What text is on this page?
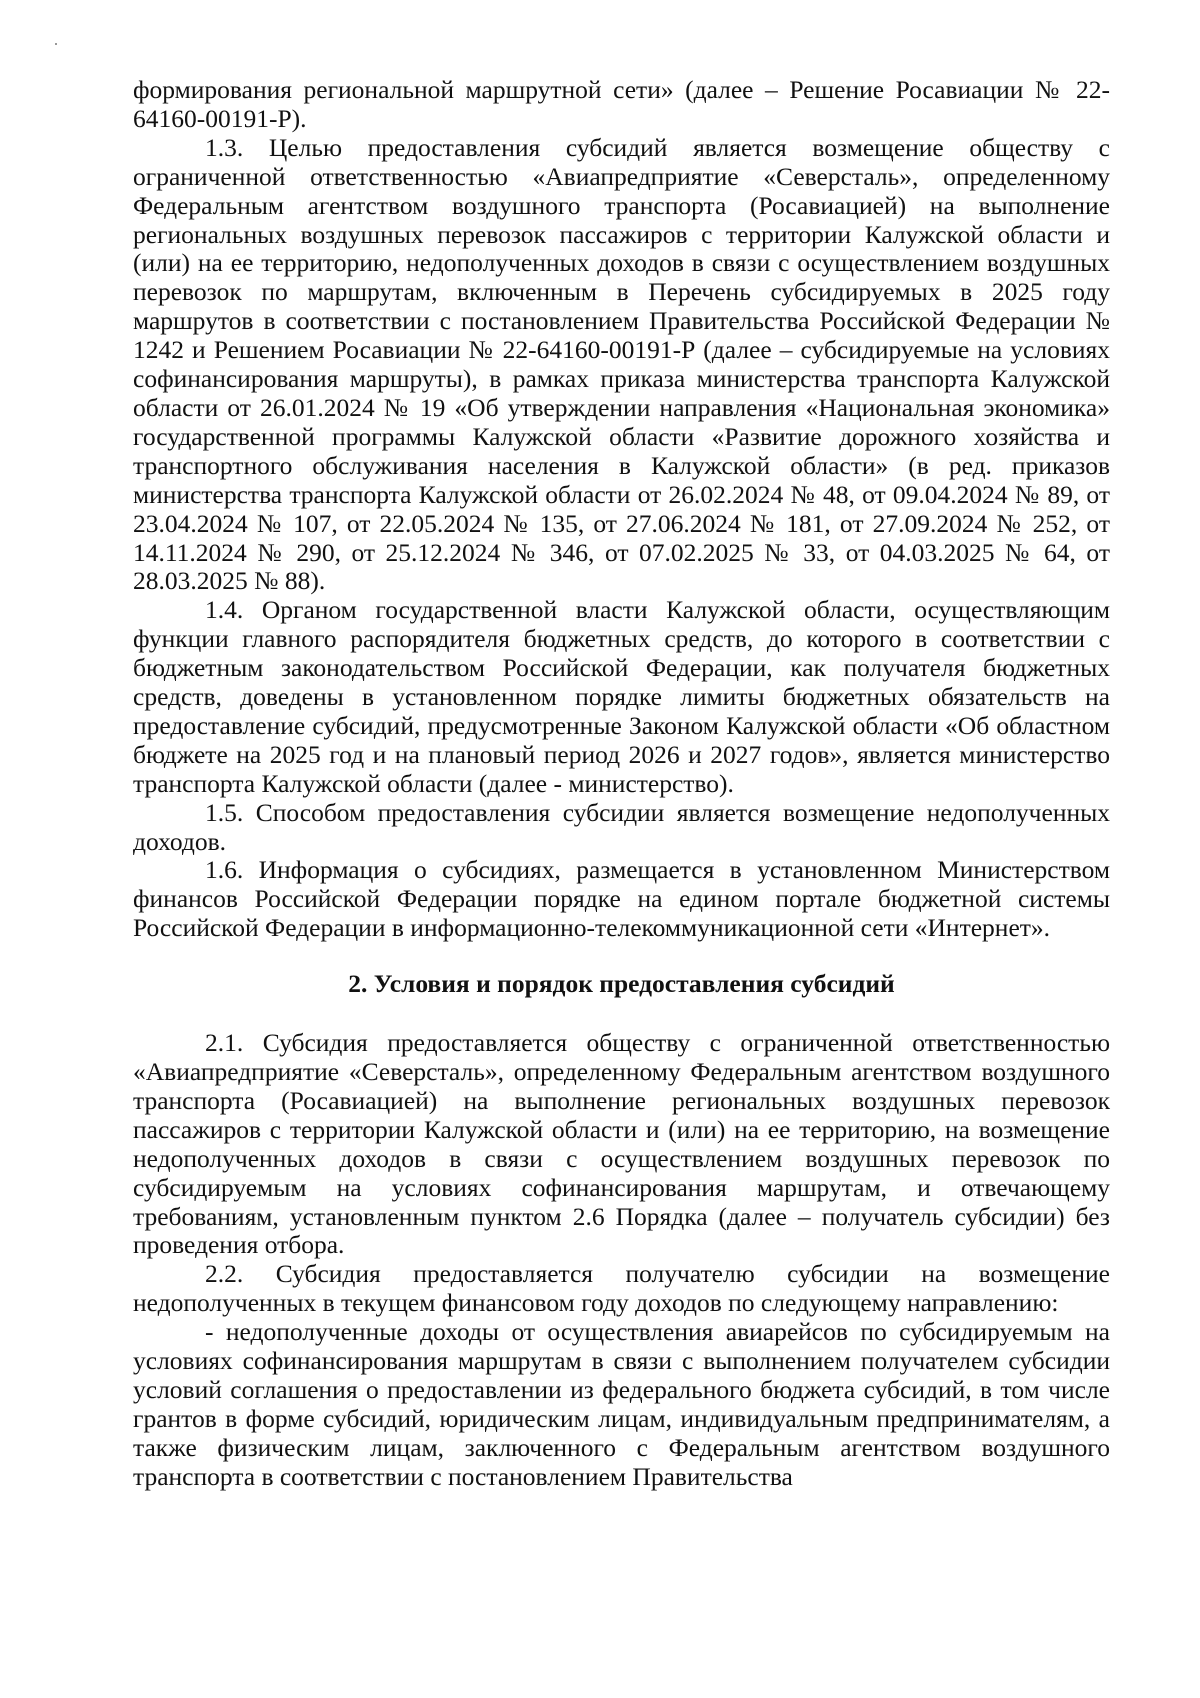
формирования региональной маршрутной сети» (далее – Решение Росавиации № 22-64160-00191-Р).

1.3. Целью предоставления субсидий является возмещение обществу с ограниченной ответственностью «Авиапредприятие «Северсталь», определенному Федеральным агентством воздушного транспорта (Росавиацией) на выполнение региональных воздушных перевозок пассажиров с территории Калужской области и (или) на ее территорию, недополученных доходов в связи с осуществлением воздушных перевозок по маршрутам, включенным в Перечень субсидируемых в 2025 году маршрутов в соответствии с постановлением Правительства Российской Федерации № 1242 и Решением Росавиации № 22-64160-00191-Р (далее – субсидируемые на условиях софинансирования маршруты), в рамках приказа министерства транспорта Калужской области от 26.01.2024 № 19 «Об утверждении направления «Национальная экономика» государственной программы Калужской области «Развитие дорожного хозяйства и транспортного обслуживания населения в Калужской области» (в ред. приказов министерства транспорта Калужской области от 26.02.2024 № 48, от 09.04.2024 № 89, от 23.04.2024 № 107, от 22.05.2024 № 135, от 27.06.2024 № 181, от 27.09.2024 № 252, от 14.11.2024 № 290, от 25.12.2024 № 346, от 07.02.2025 № 33, от 04.03.2025 № 64, от 28.03.2025 № 88).

1.4. Органом государственной власти Калужской области, осуществляющим функции главного распорядителя бюджетных средств, до которого в соответствии с бюджетным законодательством Российской Федерации, как получателя бюджетных средств, доведены в установленном порядке лимиты бюджетных обязательств на предоставление субсидий, предусмотренные Законом Калужской области «Об областном бюджете на 2025 год и на плановый период 2026 и 2027 годов», является министерство транспорта Калужской области (далее - министерство).

1.5. Способом предоставления субсидии является возмещение недополученных доходов.

1.6. Информация о субсидиях, размещается в установленном Министерством финансов Российской Федерации порядке на едином портале бюджетной системы Российской Федерации в информационно-телекоммуникационной сети «Интернет».

2. Условия и порядок предоставления субсидий

2.1. Субсидия предоставляется обществу с ограниченной ответственностью «Авиапредприятие «Северсталь», определенному Федеральным агентством воздушного транспорта (Росавиацией) на выполнение региональных воздушных перевозок пассажиров с территории Калужской области и (или) на ее территорию, на возмещение недополученных доходов в связи с осуществлением воздушных перевозок по субсидируемым на условиях софинансирования маршрутам, и отвечающему требованиям, установленным пунктом 2.6 Порядка (далее – получатель субсидии) без проведения отбора.

2.2. Субсидия предоставляется получателю субсидии на возмещение недополученных в текущем финансовом году доходов по следующему направлению:

- недополученные доходы от осуществления авиарейсов по субсидируемым на условиях софинансирования маршрутам в связи с выполнением получателем субсидии условий соглашения о предоставлении из федерального бюджета субсидий, в том числе грантов в форме субсидий, юридическим лицам, индивидуальным предпринимателям, а также физическим лицам, заключенного с Федеральным агентством воздушного транспорта в соответствии с постановлением Правительства
